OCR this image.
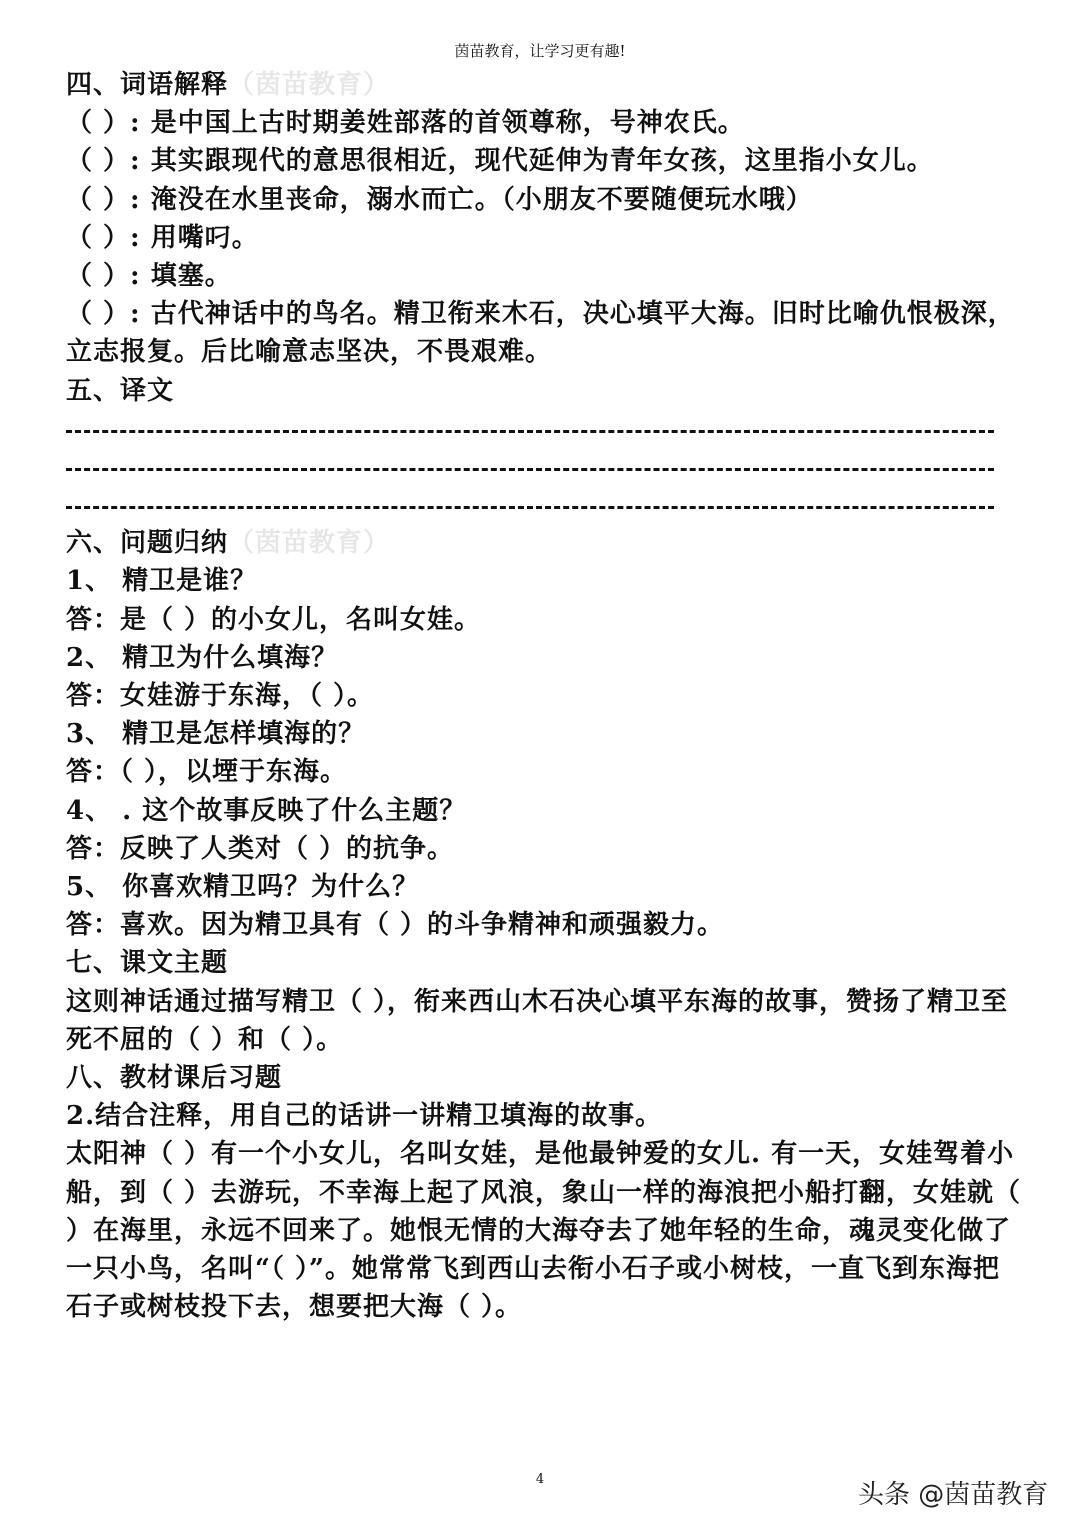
茵苗教育，让学习更有趣!
四、词语解释（茵苗教育）
（ ）: 是中国上古时期姜姓部落的首领尊称，号神农氏。
（ ）: 其实跟现代的意思很相近，现代延伸为青年女孩，这里指小女儿。
（ ）: 淹没在水里丧命，溺水而亡。（小朋友不要随便玩水哦）
（ ）: 用嘴叼。
（ ）: 填塞。
（ ）: 古代神话中的鸟名。精卫衔来木石，决心填平大海。旧时比喻仇恨极深，立志报复。后比喻意志坚决，不畏艰难。
五、译文
六、问题归纳（茵苗教育）
1、 精卫是谁？
答：是（ ）的小女儿，名叫女娃。
2、 精卫为什么填海？
答：女娃游于东海，（ ）。
3、 精卫是怎样填海的？
答：（ ），以堙于东海。
4、 . 这个故事反映了什么主题？
答：反映了人类对（ ）的抗争。
5、 你喜欢精卫吗？为什么？
答：喜欢。因为精卫具有（ ）的斗争精神和顽强毅力。
七、课文主题
这则神话通过描写精卫（ ），衔来西山木石决心填平东海的故事，赞扬了精卫至死不屈的（ ）和（ ）。
八、教材课后习题
2.结合注释，用自己的话讲一讲精卫填海的故事。
太阳神（ ）有一个小女儿，名叫女娃，是他最钟爱的女儿. 有一天，女娃驾着小船，到（ ）去游玩，不幸海上起了风浪，象山一样的海浪把小船打翻，女娃就（ ）在海里，永远不回来了。她恨无情的大海夺去了她年轻的生命，魂灵变化做了一只小鸟，名叫“（ ）”。她常常飞到西山去衔小石子或小树枝，一直飞到东海把石子或树枝投下去，想要把大海（ ）。
4
头条 @茵苗教育
